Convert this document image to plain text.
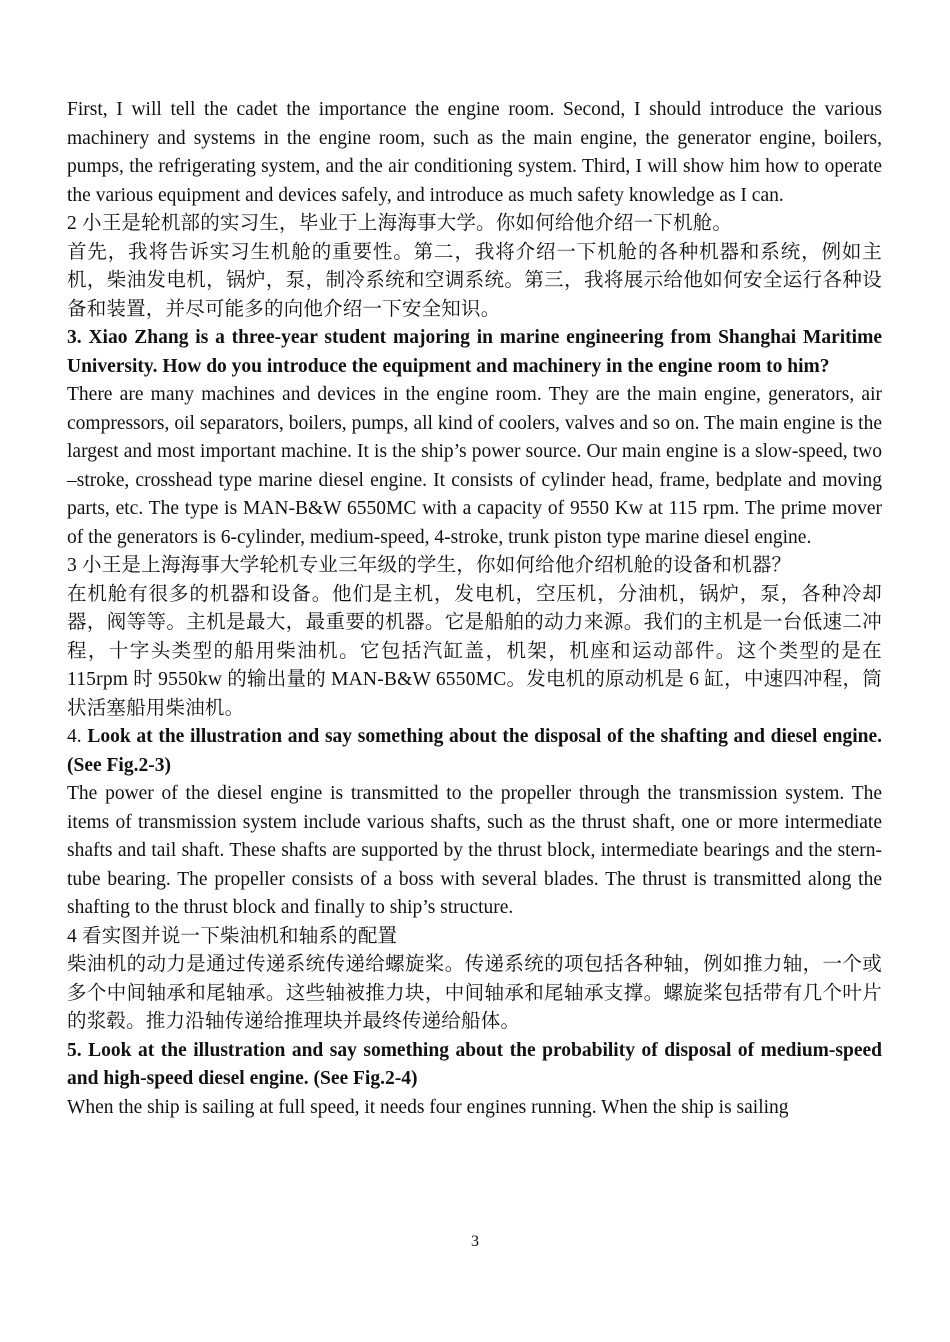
First, I will tell the cadet the importance the engine room. Second, I should introduce the various machinery and systems in the engine room, such as the main engine, the generator engine, boilers, pumps, the refrigerating system, and the air conditioning system. Third, I will show him how to operate the various equipment and devices safely, and introduce as much safety knowledge as I can.

2 小王是轮机部的实习生，毕业于上海海事大学。你如何给他介绍一下机舱。

首先，我将告诉实习生机舱的重要性。第二，我将介绍一下机舱的各种机器和系统，例如主机，柴油发电机，锅炉，泵，制冷系统和空调系统。第三，我将展示给他如何安全运行各种设备和装置，并尽可能多的向他介绍一下安全知识。

3. Xiao Zhang is a three-year student majoring in marine engineering from Shanghai Maritime University. How do you introduce the equipment and machinery in the engine room to him?

There are many machines and devices in the engine room. They are the main engine, generators, air compressors, oil separators, boilers, pumps, all kind of coolers, valves and so on. The main engine is the largest and most important machine. It is the ship’s power source. Our main engine is a slow-speed, two –stroke, crosshead type marine diesel engine. It consists of cylinder head, frame, bedplate and moving parts, etc. The type is MAN-B&W 6550MC with a capacity of 9550 Kw at 115 rpm. The prime mover of the generators is 6-cylinder, medium-speed, 4-stroke, trunk piston type marine diesel engine.

3 小王是上海海事大学轮机专业三年级的学生，你如何给他介绍机舱的设备和机器？

在机舱有很多的机器和设备。他们是主机，发电机，空压机，分油机，锅炉，泵，各种冷却器，阀等等。主机是最大，最重要的机器。它是船舶的动力来源。我们的主机是一台低速二冲程，十字头类型的船用柴油机。它包括汽缸盖，机架，机座和运动部件。这个类型的是在 115rpm 时 9550kw 的输出量的 MAN-B&W 6550MC。发电机的原动机是 6 缸，中速四冲程，筒状活塞船用柴油机。

4. Look at the illustration and say something about the disposal of the shafting and diesel engine. (See Fig.2-3)

The power of the diesel engine is transmitted to the propeller through the transmission system. The items of transmission system include various shafts, such as the thrust shaft, one or more intermediate shafts and tail shaft. These shafts are supported by the thrust block, intermediate bearings and the stern-tube bearing. The propeller consists of a boss with several blades. The thrust is transmitted along the shafting to the thrust block and finally to ship’s structure.

4 看实图并说一下柴油机和轴系的配置

柴油机的动力是通过传递系统传递给螺旋桨。传递系统的项包括各种轴，例如推力轴，一个或多个中间轴承和尾轴承。这些轴被推力块，中间轴承和尾轴承支撑。螺旋桨包括带有几个叶片的浆毂。推力沿轴传递给推理块并最终传递给船体。

5. Look at the illustration and say something about the probability of disposal of medium-speed and high-speed diesel engine. (See Fig.2-4)

When the ship is sailing at full speed, it needs four engines running. When the ship is sailing

3
